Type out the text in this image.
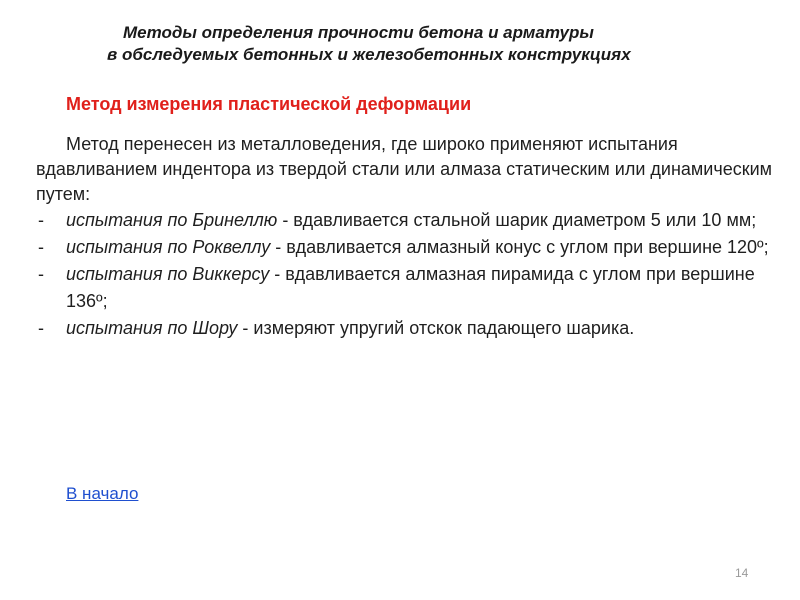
Методы определения прочности бетона и арматуры
в обследуемых бетонных и железобетонных конструкциях
Метод измерения пластической деформации

Метод перенесен из металловедения, где широко применяют испытания вдавливанием индентора из твердой стали или алмаза статическим или динамическим путем:

- испытания по Бринеллю - вдавливается стальной шарик диаметром 5 или 10 мм;
- испытания по Роквеллу - вдавливается алмазный конус с углом при вершине 120º;
- испытания по Виккерсу - вдавливается алмазная пирамида с углом при вершине 136º;
- испытания по Шору - измеряют упругий отскок падающего шарика.
В начало
14
